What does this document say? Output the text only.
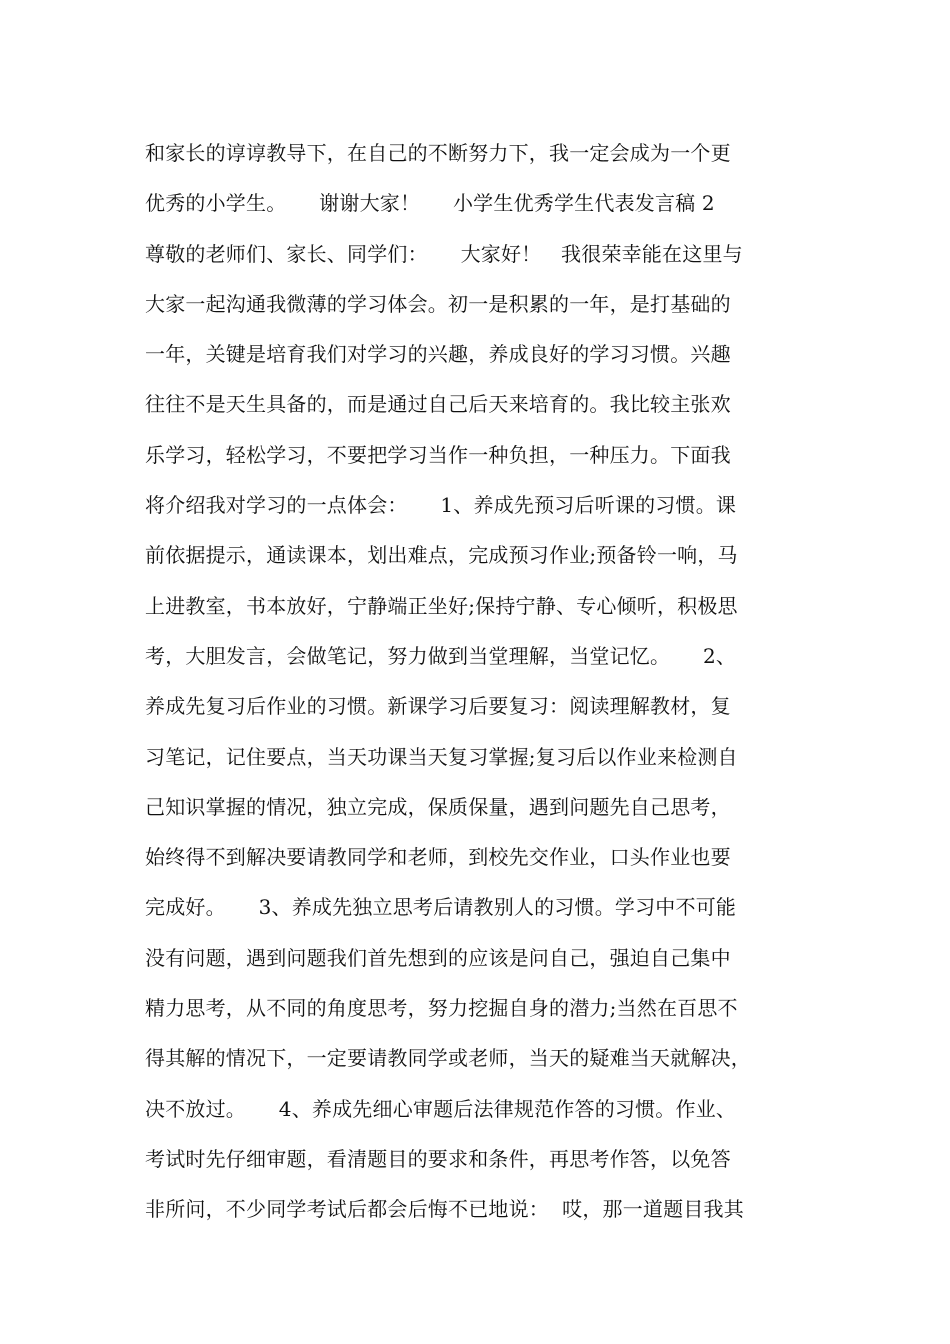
和家长的谆谆教导下，在自己的不断努力下，我一定会成为一个更
优秀的小学生。     谢谢大家！     小学生优秀学生代表发言稿 2
尊敬的老师们、家长、同学们：     大家好！   我很荣幸能在这里与
大家一起沟通我微薄的学习体会。初一是积累的一年，是打基础的
一年，关键是培育我们对学习的兴趣，养成良好的学习习惯。兴趣
往往不是天生具备的，而是通过自己后天来培育的。我比较主张欢
乐学习，轻松学习，不要把学习当作一种负担，一种压力。下面我
将介绍我对学习的一点体会：     1、养成先预习后听课的习惯。课
前依据提示，通读课本，划出难点，完成预习作业;预备铃一响，马
上进教室，书本放好，宁静端正坐好;保持宁静、专心倾听，积极思
考，大胆发言，会做笔记，努力做到当堂理解，当堂记忆。     2、
养成先复习后作业的习惯。新课学习后要复习：阅读理解教材，复
习笔记，记住要点，当天功课当天复习掌握;复习后以作业来检测自
己知识掌握的情况，独立完成，保质保量，遇到问题先自己思考，
始终得不到解决要请教同学和老师，到校先交作业，口头作业也要
完成好。     3、养成先独立思考后请教别人的习惯。学习中不可能
没有问题，遇到问题我们首先想到的应该是问自己，强迫自己集中
精力思考，从不同的角度思考，努力挖掘自身的潜力;当然在百思不
得其解的情况下，一定要请教同学或老师，当天的疑难当天就解决，
决不放过。     4、养成先细心审题后法律规范作答的习惯。作业、
考试时先仔细审题，看清题目的要求和条件，再思考作答，以免答
非所问，不少同学考试后都会后悔不已地说：  哎，那一道题目我其
